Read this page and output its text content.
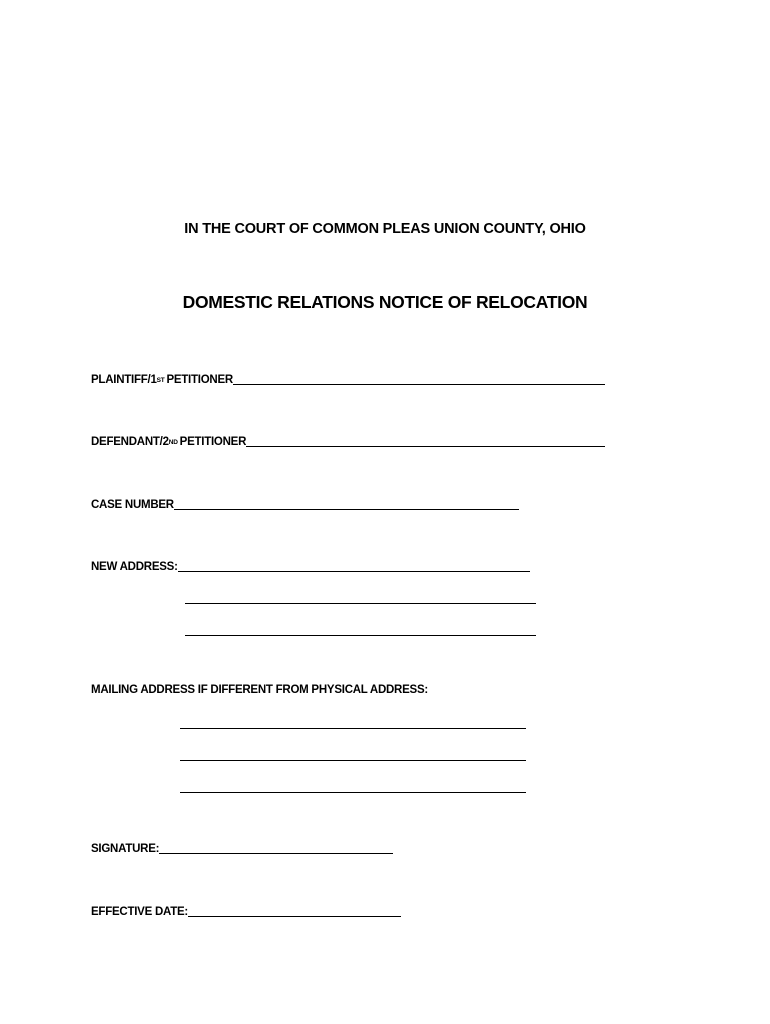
IN THE COURT OF COMMON PLEAS UNION COUNTY, OHIO
DOMESTIC RELATIONS NOTICE OF RELOCATION
PLAINTIFF/1ST PETITIONER
DEFENDANT/2ND PETITIONER
CASE NUMBER
NEW ADDRESS:
MAILING ADDRESS IF DIFFERENT FROM PHYSICAL ADDRESS:
SIGNATURE:
EFFECTIVE DATE:
